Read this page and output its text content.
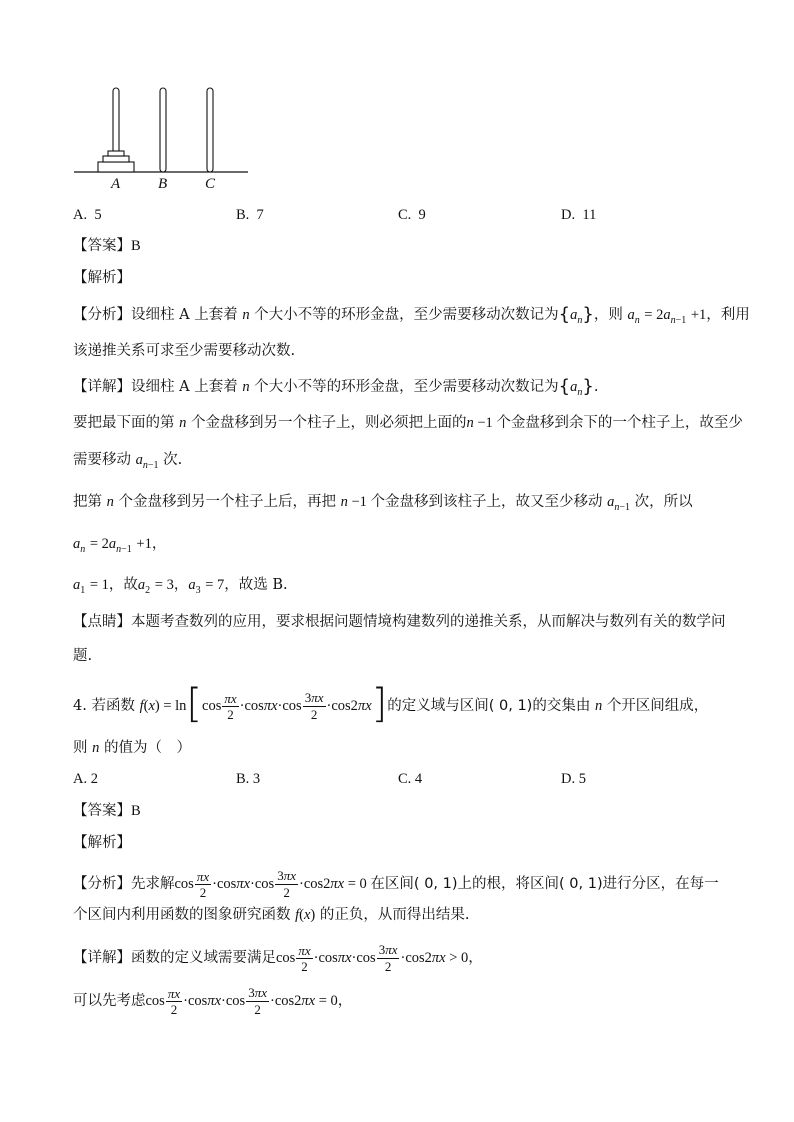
A	B	C
A. 5	B. 7	C. 9	D. 11
【答案】B
【解析】
【分析】设细柱 A 上套着 n 个大小不等的环形金盘，至少需要移动次数记为$\{a_n\}$，则 $a_n = 2a_{n-1} +1$，利用
该递推关系可求至少需要移动次数.
【详解】设细柱 A 上套着 n 个大小不等的环形金盘，至少需要移动次数记为$\{a_n\}$.
要把最下面的第 n 个金盘移到另一个柱子上，则必须把上面的n −1 个金盘移到余下的一个柱子上，故至少
需要移动 $a_{n-1}$ 次.
把第 n 个金盘移到另一个柱子上后，再把 n −1 个金盘移到该柱子上，故又至少移动 $a_{n-1}$ 次，所以
$a_n = 2a_{n-1} +1$，
$a_1 = 1$，故$a_2 = 3$，$a_3 = 7$，故选 B.
【点睛】本题考查数列的应用，要求根据问题情境构建数列的递推关系，从而解决与数列有关的数学问
题.
4. 若函数 $f(x) = \ln[\cos \frac{\pi x}{2} \cdot\cos\pi x\cdot\cos \frac{3\pi x}{2} \cdot\cos 2\pi x]$的定义域与区间( 0, 1)的交集由 n 个开区间组成，
则 n 的值为（　）
A. 2	B. 3	C. 4	D. 5
【答案】B
【解析】
【分析】先求解$\cos \frac{\pi x}{2} \cdot\cos\pi x\cdot\cos \frac{3\pi x}{2} \cdot\cos 2\pi x = 0$ 在区间( 0, 1)上的根，将区间( 0, 1)进行分区，在每一
个区间内利用函数的图象研究函数 f(x) 的正负，从而得出结果.
【详解】函数的定义域需要满足$\cos \frac{\pi x}{2} \cdot\cos\pi x\cdot\cos \frac{3\pi x}{2} \cdot\cos 2\pi x > 0$，
可以先考虑$\cos \frac{\pi x}{2} \cdot\cos\pi x\cdot\cos \frac{3\pi x}{2} \cdot\cos 2\pi x = 0$，
